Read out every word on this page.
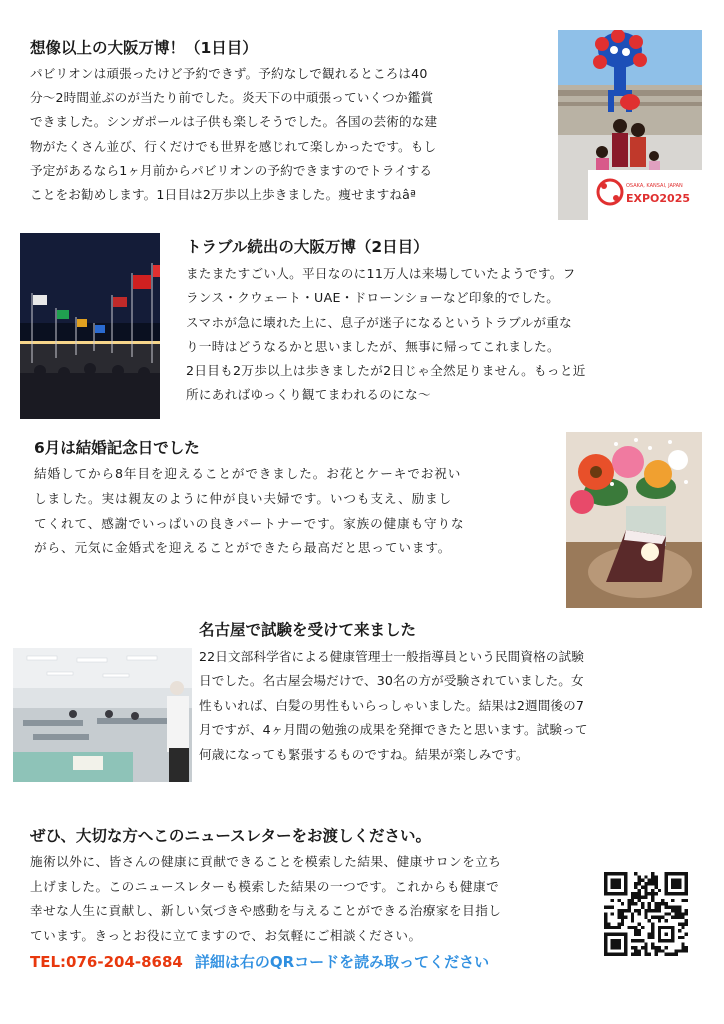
想像以上の大阪万博！（1日目）
パビリオンは頑張ったけど予約できず。予約なしで観れるところは40
分〜2時間並ぶのが当たり前でした。炎天下の中頑張っていくつか鑑賞
できました。シンガポールは子供も楽しそうでした。各国の芸術的な建
物がたくさん並び、行くだけでも世界を感じれて楽しかったです。もし
予定があるなら1ヶ月前からパビリオンの予約できますのでトライする
ことをお勧めします。1日目は2万歩以上歩きました。痩せますねâª
OSAKA, KANSAI, JAPAN
EXPO2025
トラブル続出の大阪万博（2日目）
またまたすごい人。平日なのに11万人は来場していたようです。フ
ランス・クウェート・UAE・ドローンショーなど印象的でした。
スマホが急に壊れた上に、息子が迷子になるというトラブルが重な
り一時はどうなるかと思いましたが、無事に帰ってこれました。
2日目も2万歩以上は歩きましたが2日じゃ全然足りません。もっと近
所にあればゆっくり観てまわれるのにな〜
6月は結婚記念日でした
結婚してから8年目を迎えることができました。お花とケーキでお祝い
しました。実は親友のように仲が良い夫婦です。いつも支え、励まし
てくれて、感謝でいっぱいの良きパートナーです。家族の健康も守りな
がら、元気に金婚式を迎えることができたら最高だと思っています。
名古屋で試験を受けて来ました
22日文部科学省による健康管理士一般指導員という民間資格の試験
日でした。名古屋会場だけで、30名の方が受験されていました。女
性もいれば、白髪の男性もいらっしゃいました。結果は2週間後の7
月ですが、4ヶ月間の勉強の成果を発揮できたと思います。試験って
何歳になっても緊張するものですね。結果が楽しみです。
ぜひ、大切な方へこのニュースレターをお渡しください。
施術以外に、皆さんの健康に貢献できることを模索した結果、健康サロンを立ち
上げました。このニュースレターも模索した結果の一つです。これからも健康で
幸せな人生に貢献し、新しい気づきや感動を与えることができる治療家を目指し
ています。きっとお役に立てますので、お気軽にご相談ください。
TEL:076-204-8684 詳細は右のQRコードを読み取ってください
